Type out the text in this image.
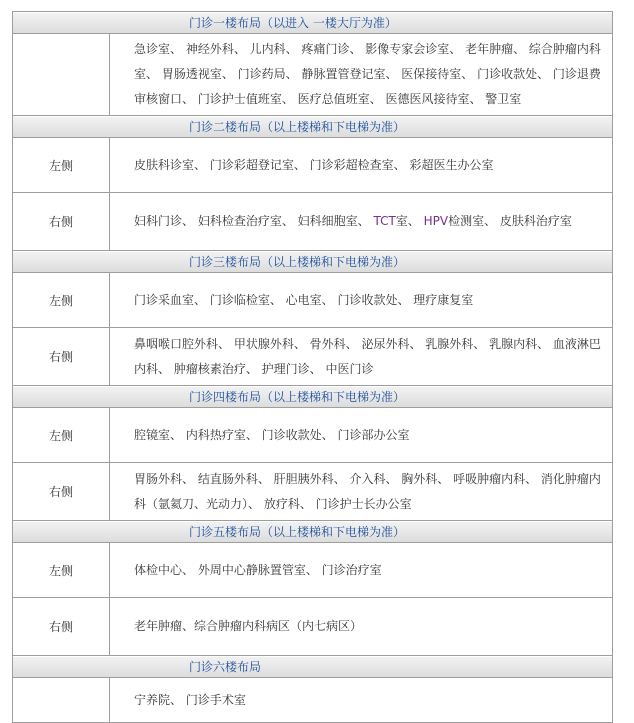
门诊一楼布局（以进入 一楼大厅为准）	
	急诊室、 神经外科、 儿内科、 疼痛门诊、 影像专家会诊室、 老年肿瘤、 综合肿瘤内科室、 胃肠透视室、 门诊药局、 静脉置管登记室、 医保接待室、 门诊收款处、 门诊退费审核窗口、 门诊护士值班室、 医疗总值班室、 医德医风接待室、 警卫室
门诊二楼布局（以上楼梯和下电梯为准）	
左侧	皮肤科诊室、 门诊彩超登记室、 门诊彩超检查室、 彩超医生办公室
右侧	妇科门诊、 妇科检查治疗室、 妇科细胞室、 TCT室、 HPV检测室、 皮肤科治疗室
门诊三楼布局（以上楼梯和下电梯为准）	
左侧	门诊采血室、 门诊临检室、 心电室、 门诊收款处、 理疗康复室
右侧	鼻咽喉口腔外科、 甲状腺外科、 骨外科、 泌尿外科、 乳腺外科、 乳腺内科、 血液淋巴内科、 肿瘤核素治疗、 护理门诊、 中医门诊
门诊四楼布局（以上楼梯和下电梯为准）	
左侧	腔镜室、 内科热疗室、 门诊收款处、 门诊部办公室
右侧	胃肠外科、 结直肠外科、 肝胆胰外科、 介入科、 胸外科、 呼吸肿瘤内科、 消化肿瘤内科（氩氦刀、光动力）、 放疗科、 门诊护士长办公室
门诊五楼布局（以上楼梯和下电梯为准）	
左侧	体检中心、 外周中心静脉置管室、 门诊治疗室
右侧	老年肿瘤、综合肿瘤内科病区（内七病区）
门诊六楼布局	
	宁养院、 门诊手术室
